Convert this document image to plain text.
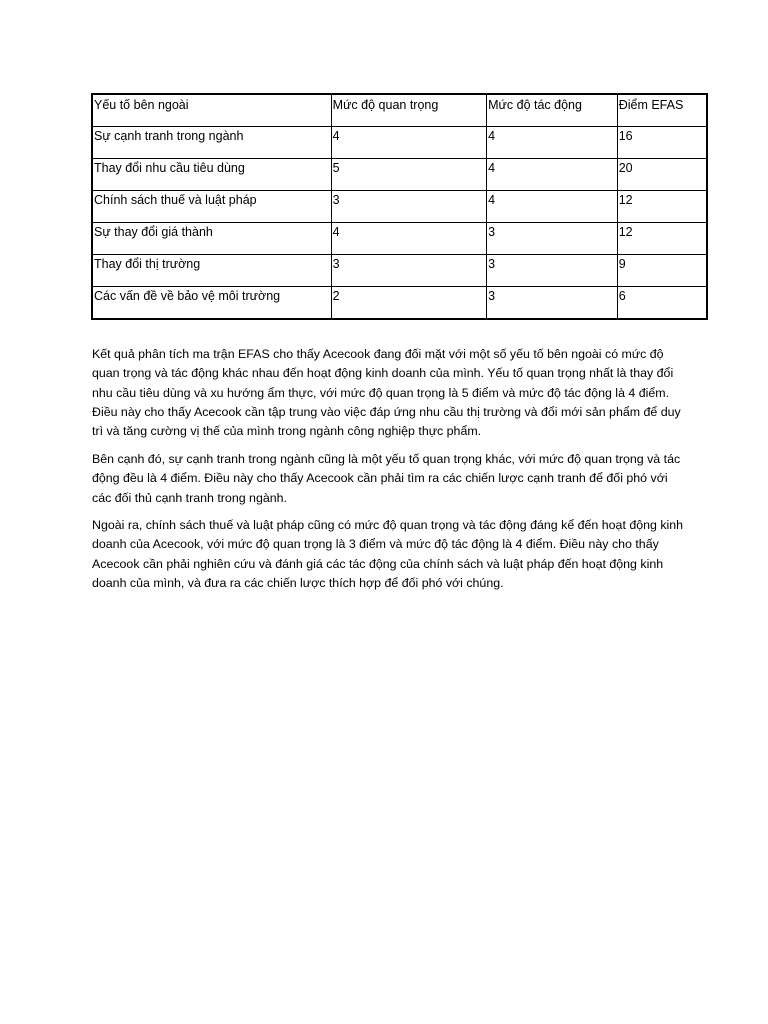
Yếu tố bên ngoài	Mức độ quan trọng	Mức độ tác động	Điểm EFAS
Sự cạnh tranh trong ngành	4	4	16
Thay đổi nhu cầu tiêu dùng	5	4	20
Chính sách thuế và luật pháp	3	4	12
Sự thay đổi giá thành	4	3	12
Thay đổi thị trường	3	3	9
Các vấn đề về bảo vệ môi trường	2	3	6

Kết quả phân tích ma trận EFAS cho thấy Acecook đang đối mặt với một số yếu tố bên ngoài có mức độ quan trọng và tác động khác nhau đến hoạt động kinh doanh của mình. Yếu tố quan trọng nhất là thay đổi nhu cầu tiêu dùng và xu hướng ẩm thực, với mức độ quan trọng là 5 điểm và mức độ tác động là 4 điểm. Điều này cho thấy Acecook cần tập trung vào việc đáp ứng nhu cầu thị trường và đổi mới sản phẩm để duy trì và tăng cường vị thế của mình trong ngành công nghiệp thực phẩm.

Bên cạnh đó, sự cạnh tranh trong ngành cũng là một yếu tố quan trọng khác, với mức độ quan trọng và tác động đều là 4 điểm. Điều này cho thấy Acecook cần phải tìm ra các chiến lược cạnh tranh để đối phó với các đối thủ cạnh tranh trong ngành.

Ngoài ra, chính sách thuế và luật pháp cũng có mức độ quan trọng và tác động đáng kể đến hoạt động kinh doanh của Acecook, với mức độ quan trọng là 3 điểm và mức độ tác động là 4 điểm. Điều này cho thấy Acecook cần phải nghiên cứu và đánh giá các tác động của chính sách và luật pháp đến hoạt động kinh doanh của mình, và đưa ra các chiến lược thích hợp để đối phó với chúng.
